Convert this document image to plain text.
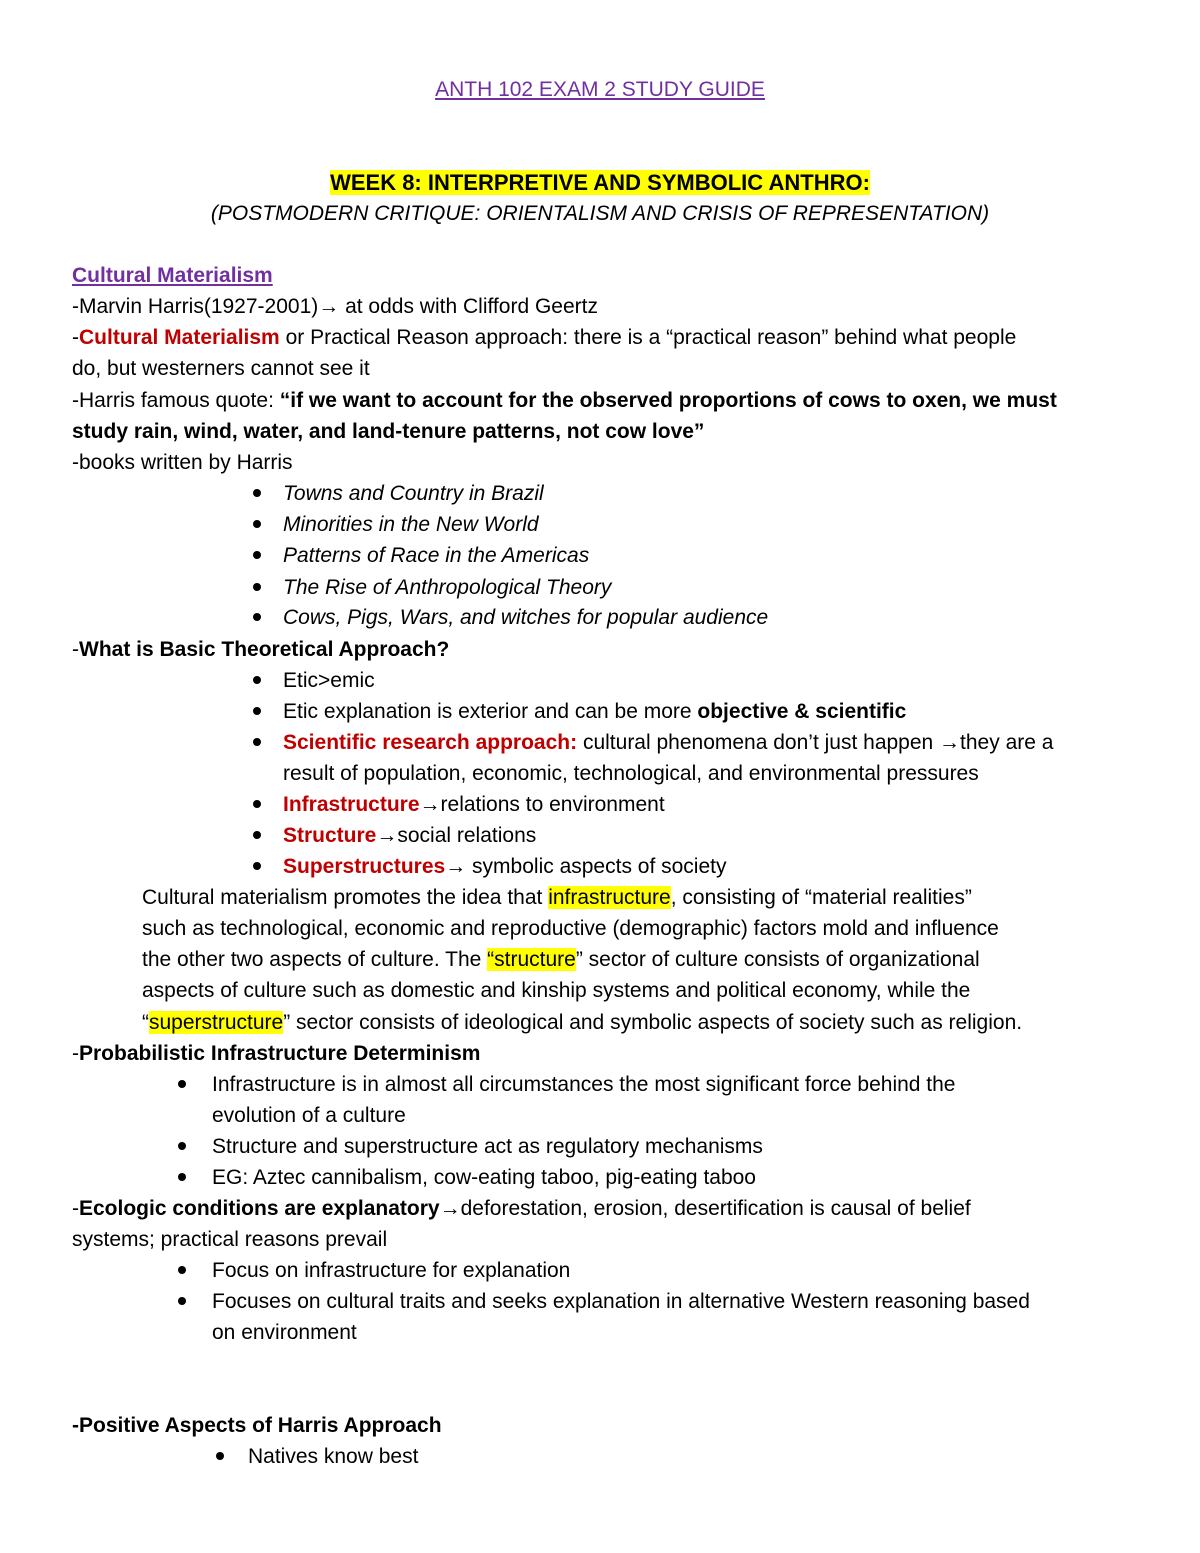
ANTH 102 EXAM 2 STUDY GUIDE
WEEK 8: INTERPRETIVE AND SYMBOLIC ANTHRO:
(POSTMODERN CRITIQUE: ORIENTALISM AND CRISIS OF REPRESENTATION)
Cultural Materialism
-Marvin Harris(1927-2001)→ at odds with Clifford Geertz
-Cultural Materialism or Practical Reason approach: there is a “practical reason” behind what people
do, but westerners cannot see it
-Harris famous quote: “if we want to account for the observed proportions of cows to oxen, we must
study rain, wind, water, and land-tenure patterns, not cow love”
-books written by Harris
Towns and Country in Brazil
Minorities in the New World
Patterns of Race in the Americas
The Rise of Anthropological Theory
Cows, Pigs, Wars, and witches for popular audience
-What is Basic Theoretical Approach?
Etic>emic
Etic explanation is exterior and can be more objective & scientific
Scientific research approach: cultural phenomena don’t just happen →they are a
result of population, economic, technological, and environmental pressures
Infrastructure→relations to environment
Structure→social relations
Superstructures→ symbolic aspects of society
Cultural materialism promotes the idea that infrastructure, consisting of “material realities”
such as technological, economic and reproductive (demographic) factors mold and influence
the other two aspects of culture. The “structure” sector of culture consists of organizational
aspects of culture such as domestic and kinship systems and political economy, while the
“superstructure” sector consists of ideological and symbolic aspects of society such as religion.
-Probabilistic Infrastructure Determinism
Infrastructure is in almost all circumstances the most significant force behind the
evolution of a culture
Structure and superstructure act as regulatory mechanisms
EG: Aztec cannibalism, cow-eating taboo, pig-eating taboo
-Ecologic conditions are explanatory→deforestation, erosion, desertification is causal of belief
systems; practical reasons prevail
Focus on infrastructure for explanation
Focuses on cultural traits and seeks explanation in alternative Western reasoning based
on environment
-Positive Aspects of Harris Approach
Natives know best
